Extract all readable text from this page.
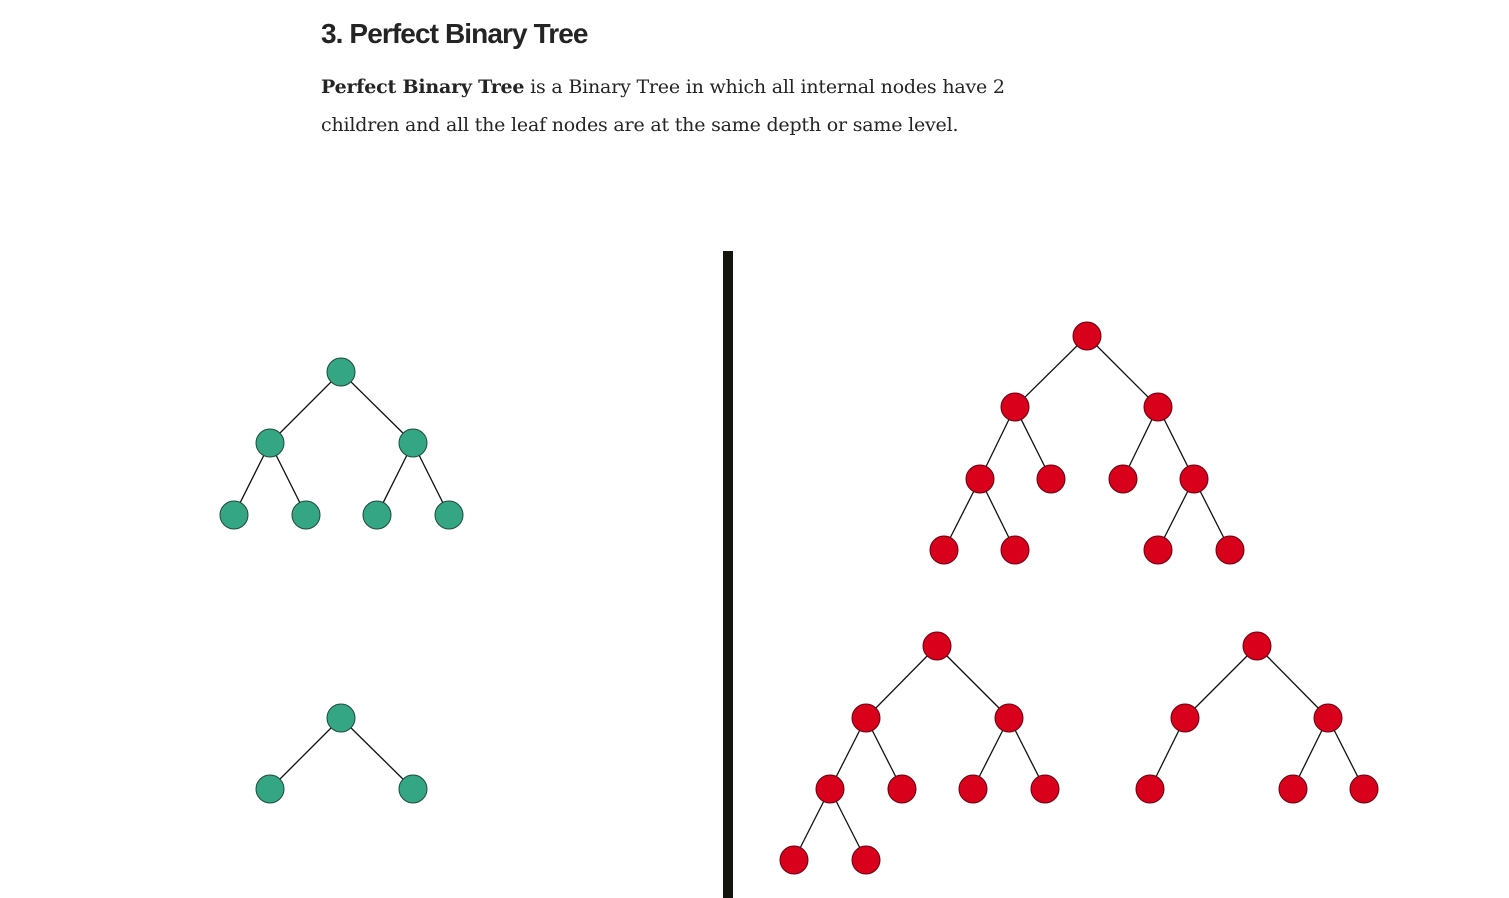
3. Perfect Binary Tree

Perfect Binary Tree is a Binary Tree in which all internal nodes have 2 children and all the leaf nodes are at the same depth or same level.
